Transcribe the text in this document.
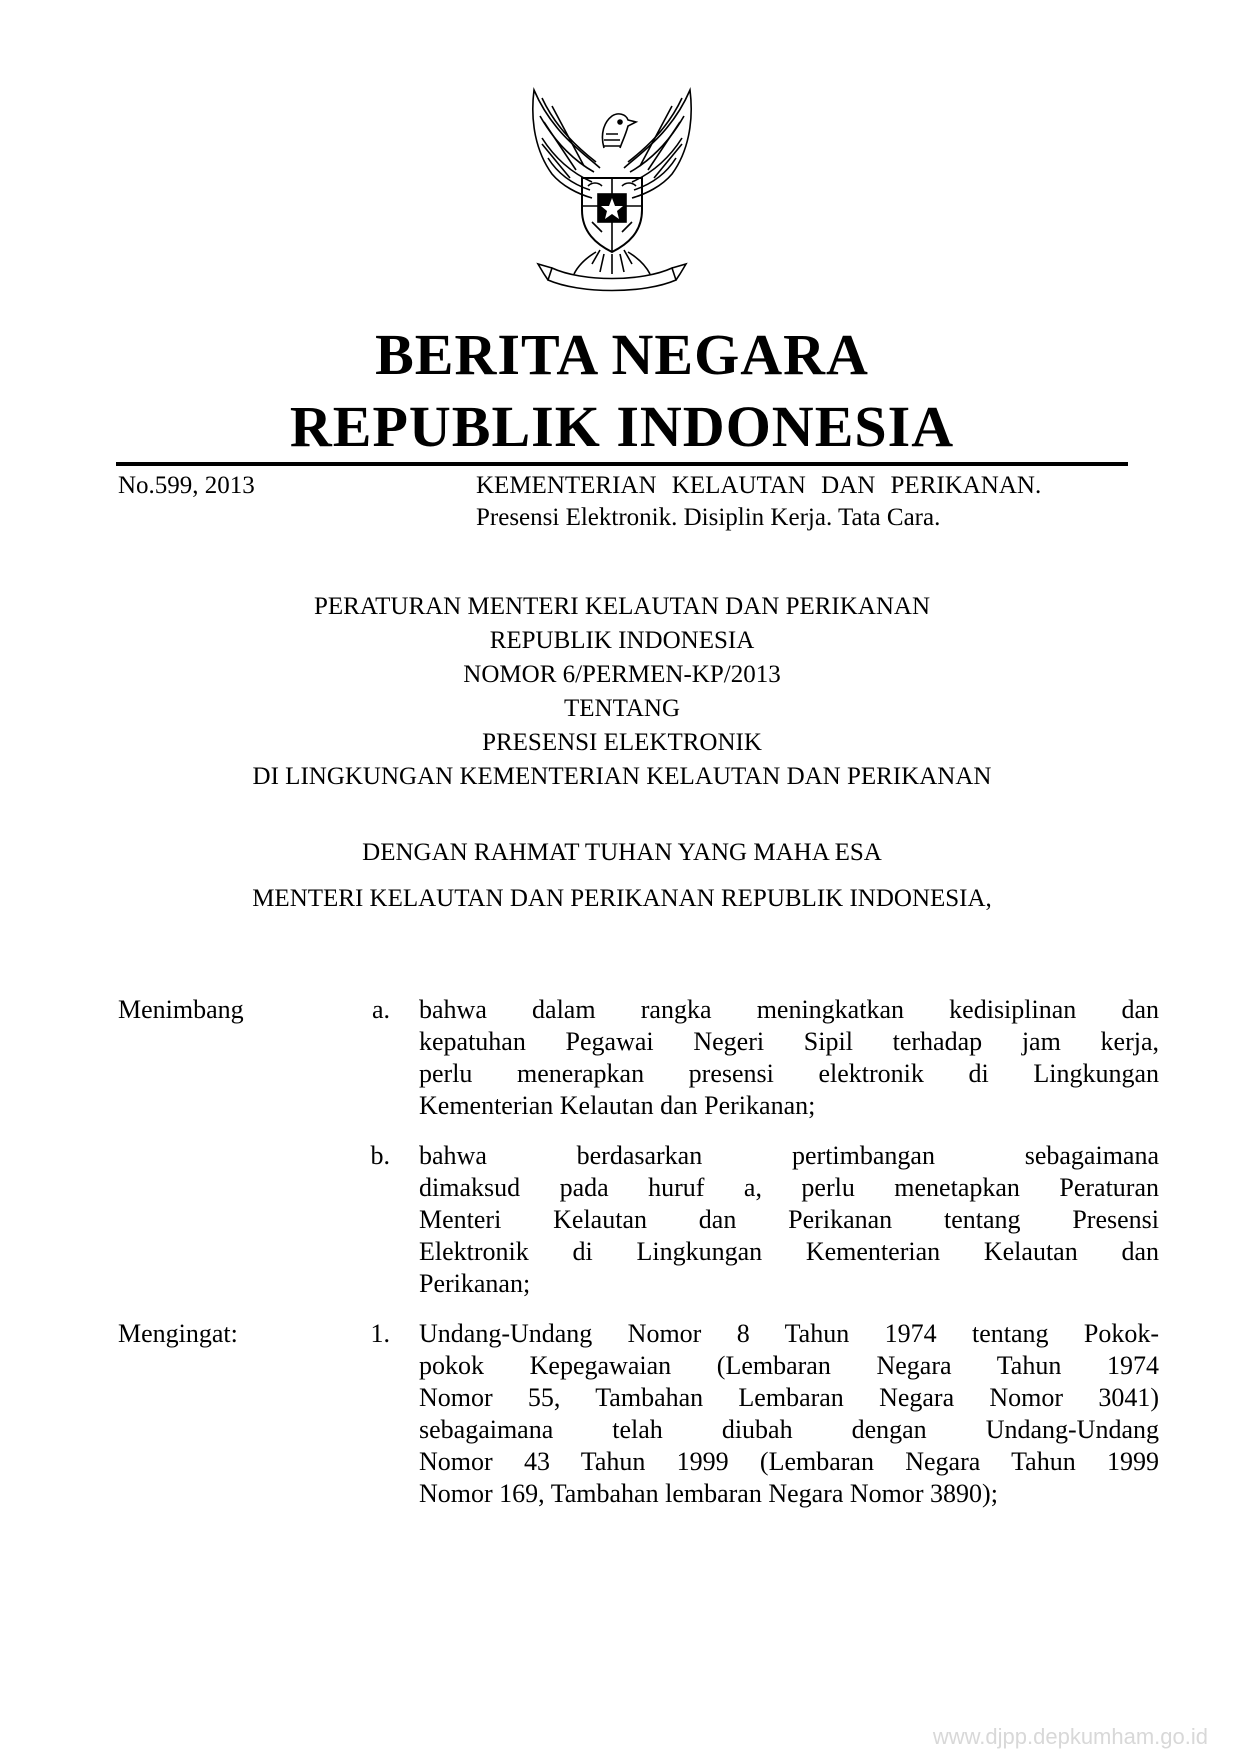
BERITA NEGARA
REPUBLIK INDONESIA
No.599, 2013	KEMENTERIAN KELAUTAN DAN PERIKANAN.
Presensi Elektronik. Disiplin Kerja. Tata Cara.
PERATURAN MENTERI KELAUTAN DAN PERIKANAN
REPUBLIK INDONESIA
NOMOR 6/PERMEN-KP/2013
TENTANG
PRESENSI ELEKTRONIK
DI LINGKUNGAN KEMENTERIAN KELAUTAN DAN PERIKANAN
DENGAN RAHMAT TUHAN YANG MAHA ESA
MENTERI KELAUTAN DAN PERIKANAN REPUBLIK INDONESIA,
Menimbang	a. bahwa dalam rangka meningkatkan kedisiplinan dan
kepatuhan Pegawai Negeri Sipil terhadap jam kerja,
perlu menerapkan presensi elektronik di Lingkungan
Kementerian Kelautan dan Perikanan;
b. bahwa berdasarkan pertimbangan sebagaimana
dimaksud pada huruf a, perlu menetapkan Peraturan
Menteri Kelautan dan Perikanan tentang Presensi
Elektronik di Lingkungan Kementerian Kelautan dan
Perikanan;
Mengingat:	1. Undang-Undang Nomor 8 Tahun 1974 tentang Pokok-
pokok Kepegawaian (Lembaran Negara Tahun 1974
Nomor 55, Tambahan Lembaran Negara Nomor 3041)
sebagaimana telah diubah dengan Undang-Undang
Nomor 43 Tahun 1999 (Lembaran Negara Tahun 1999
Nomor 169, Tambahan lembaran Negara Nomor 3890);
www.djpp.depkumham.go.id
